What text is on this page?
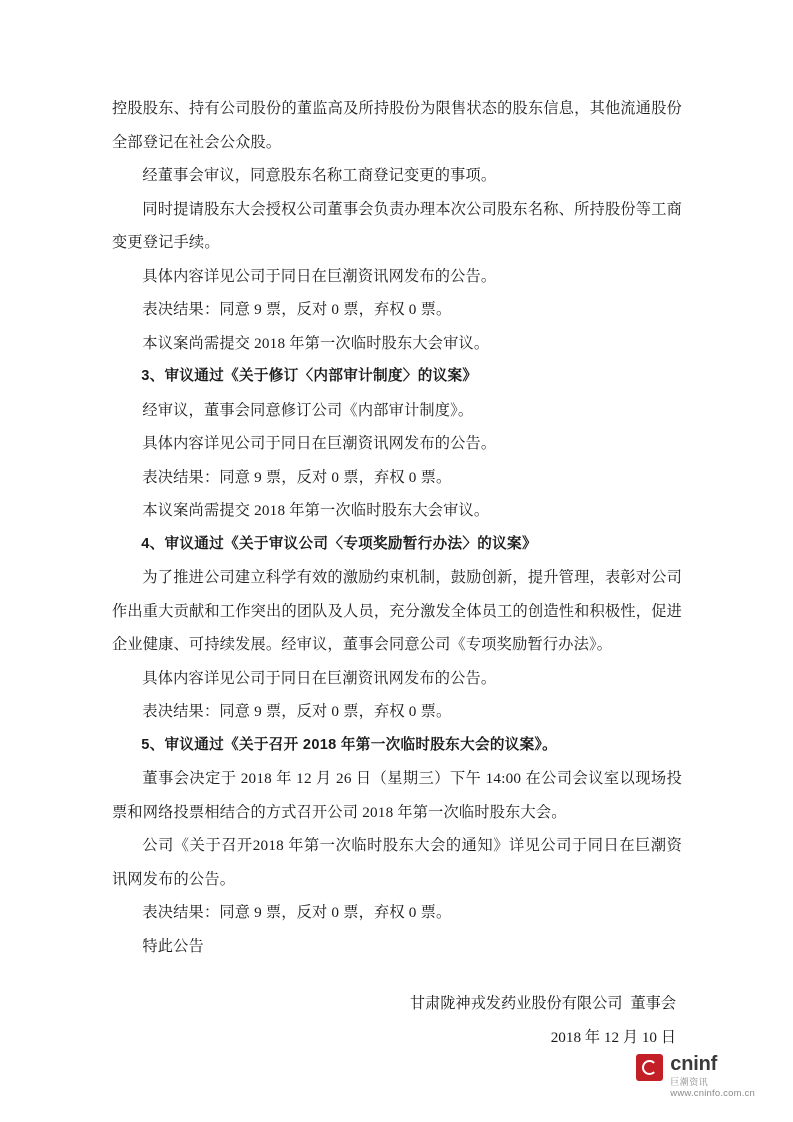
控股股东、持有公司股份的董监高及所持股份为限售状态的股东信息，其他流通股份全部登记在社会公众股。

经董事会审议，同意股东名称工商登记变更的事项。

同时提请股东大会授权公司董事会负责办理本次公司股东名称、所持股份等工商变更登记手续。

具体内容详见公司于同日在巨潮资讯网发布的公告。

表决结果：同意 9 票，反对 0 票，弃权 0 票。

本议案尚需提交 2018 年第一次临时股东大会审议。

3、审议通过《关于修订〈内部审计制度〉的议案》

经审议，董事会同意修订公司《内部审计制度》。

具体内容详见公司于同日在巨潮资讯网发布的公告。

表决结果：同意 9 票，反对 0 票，弃权 0 票。

本议案尚需提交 2018 年第一次临时股东大会审议。

4、审议通过《关于审议公司〈专项奖励暂行办法〉的议案》

为了推进公司建立科学有效的激励约束机制，鼓励创新，提升管理，表彰对公司作出重大贡献和工作突出的团队及人员，充分激发全体员工的创造性和积极性，促进企业健康、可持续发展。经审议，董事会同意公司《专项奖励暂行办法》。

具体内容详见公司于同日在巨潮资讯网发布的公告。

表决结果：同意 9 票，反对 0 票，弃权 0 票。

5、审议通过《关于召开 2018 年第一次临时股东大会的议案》。

董事会决定于 2018 年 12 月 26 日（星期三）下午 14:00 在公司会议室以现场投票和网络投票相结合的方式召开公司 2018 年第一次临时股东大会。

公司《关于召开2018 年第一次临时股东大会的通知》详见公司于同日在巨潮资讯网发布的公告。

表决结果：同意 9 票，反对 0 票，弃权 0 票。

特此公告

甘肃陇神戎发药业股份有限公司 董事会
2018 年 12 月 10 日
cninf
巨潮资讯
www.cninfo.com.cn
